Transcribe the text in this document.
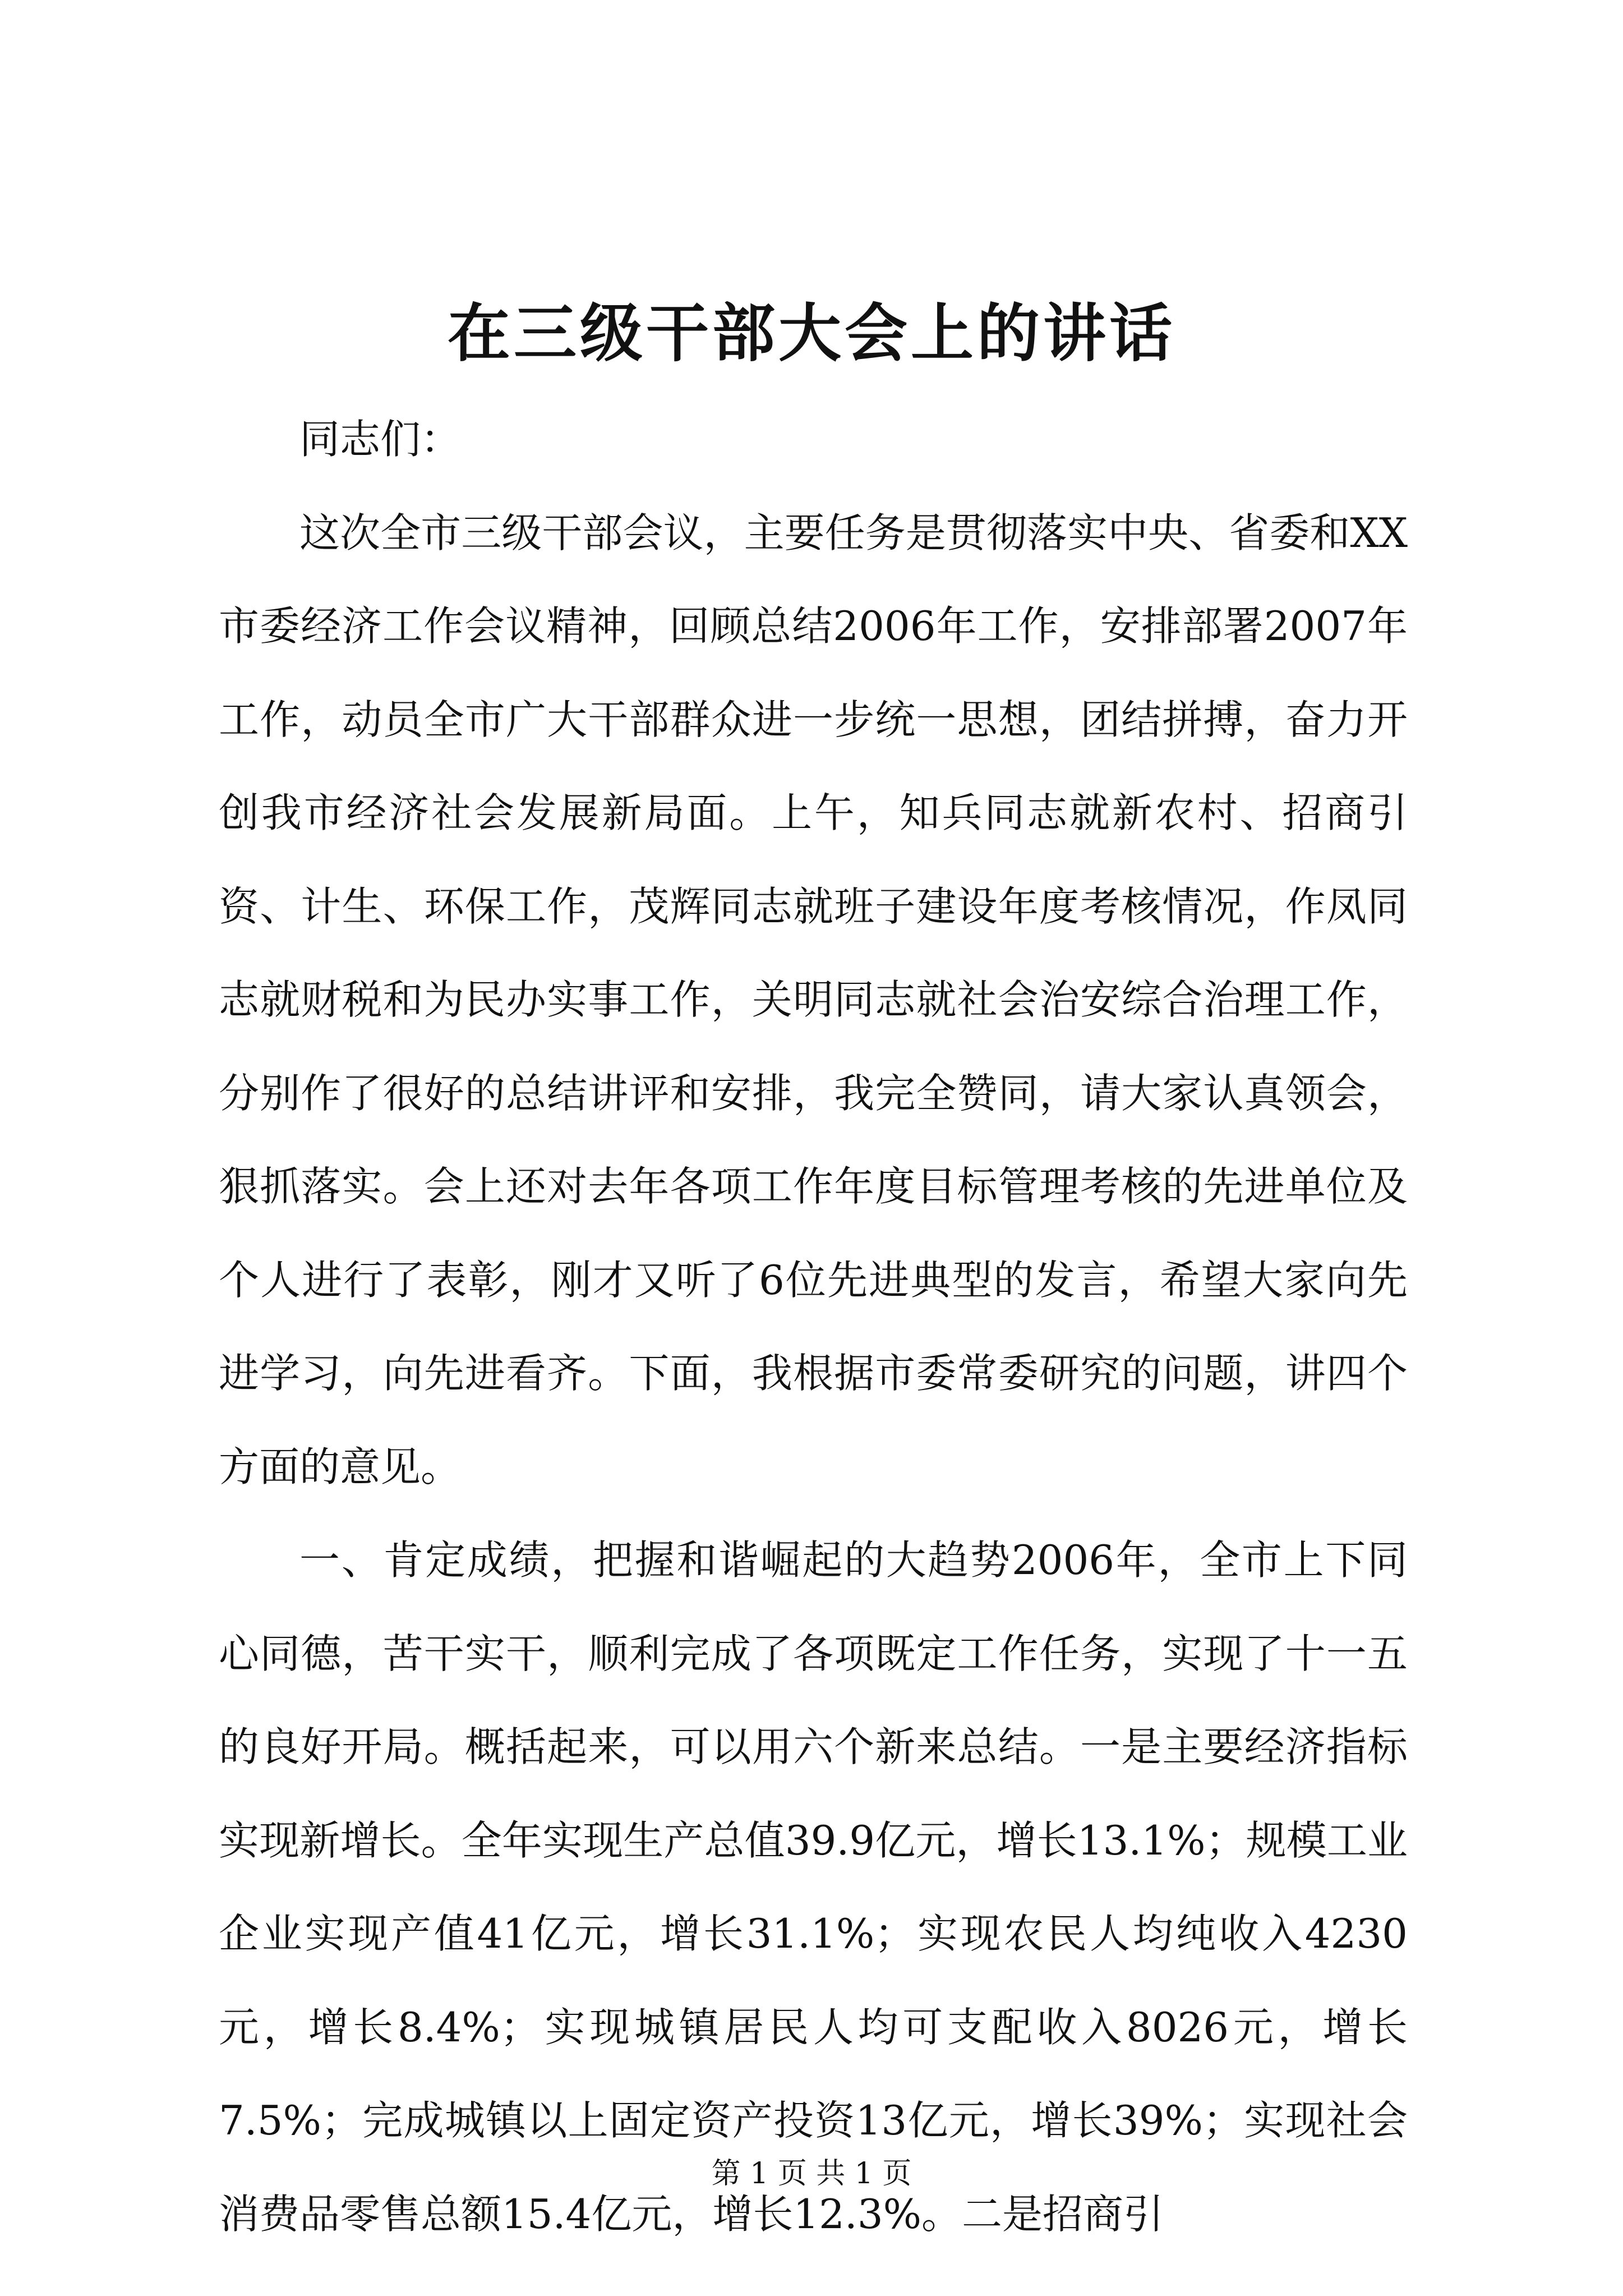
在三级干部大会上的讲话

同志们：

这次全市三级干部会议，主要任务是贯彻落实中央、省委和XX市委经济工作会议精神，回顾总结2006年工作，安排部署2007年工作，动员全市广大干部群众进一步统一思想，团结拼搏，奋力开创我市经济社会发展新局面。上午，知兵同志就新农村、招商引资、计生、环保工作，茂辉同志就班子建设年度考核情况，作凤同志就财税和为民办实事工作，关明同志就社会治安综合治理工作，分别作了很好的总结讲评和安排，我完全赞同，请大家认真领会，狠抓落实。会上还对去年各项工作年度目标管理考核的先进单位及个人进行了表彰，刚才又听了6位先进典型的发言，希望大家向先进学习，向先进看齐。下面，我根据市委常委研究的问题，讲四个方面的意见。

一、肯定成绩，把握和谐崛起的大趋势2006年，全市上下同心同德，苦干实干，顺利完成了各项既定工作任务，实现了十一五的良好开局。概括起来，可以用六个新来总结。一是主要经济指标实现新增长。全年实现生产总值39.9亿元，增长13.1%；规模工业企业实现产值41亿元，增长31.1%；实现农民人均纯收入4230元，增长8.4%；实现城镇居民人均可支配收入8026元，增长7.5%；完成城镇以上固定资产投资13亿元，增长39%；实现社会消费品零售总额15.4亿元，增长12.3%。二是招商引

第 1 页 共 1 页
